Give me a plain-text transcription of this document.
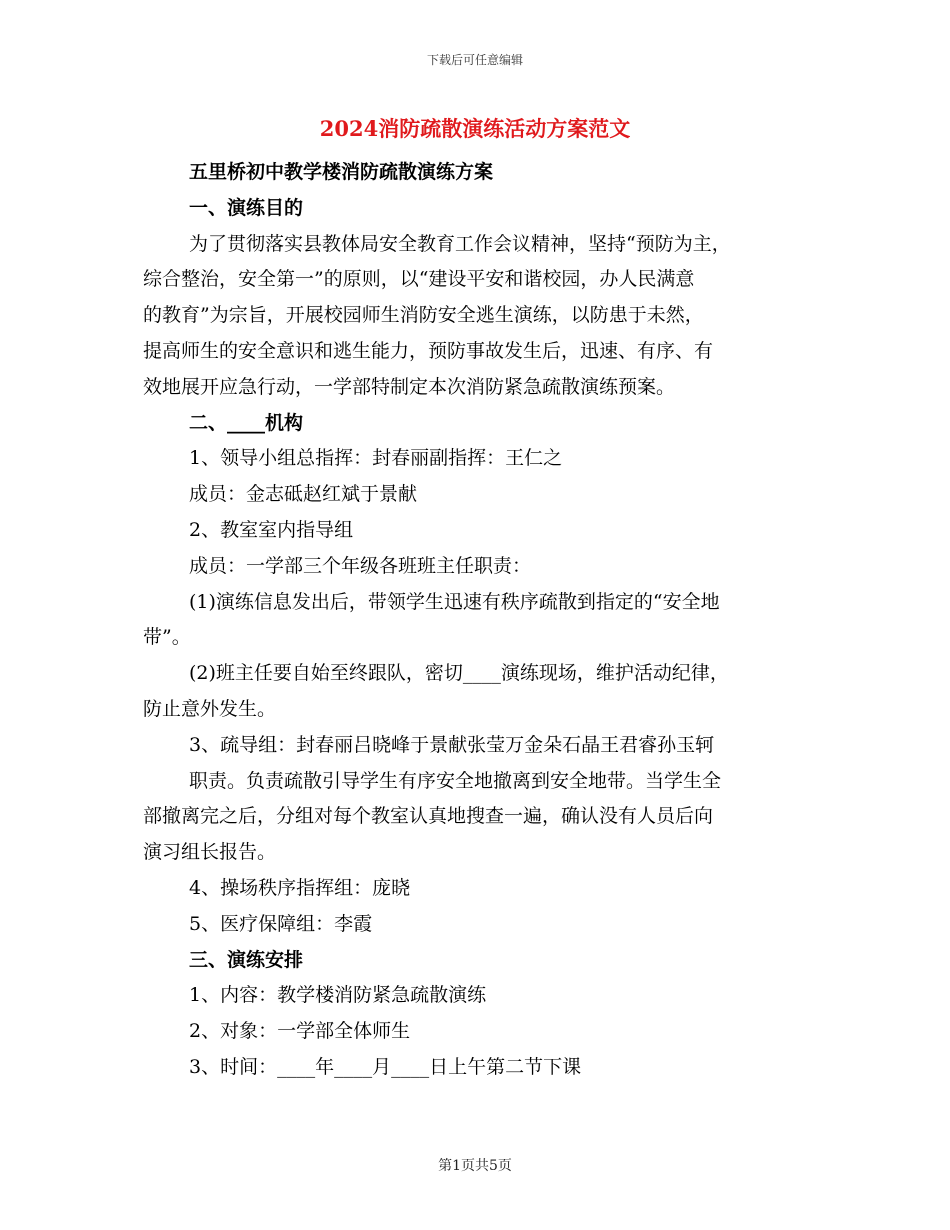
下载后可任意编辑
2024消防疏散演练活动方案范文
五里桥初中教学楼消防疏散演练方案
一、演练目的
为了贯彻落实县教体局安全教育工作会议精神，坚持“预防为主，
综合整治，安全第一”的原则，以“建设平安和谐校园，办人民满意
的教育”为宗旨，开展校园师生消防安全逃生演练，以防患于未然，
提高师生的安全意识和逃生能力，预防事故发生后，迅速、有序、有
效地展开应急行动，一学部特制定本次消防紧急疏散演练预案。
二、____机构
1、领导小组总指挥：封春丽副指挥：王仁之
成员：金志砥赵红斌于景献
2、教室室内指导组
成员：一学部三个年级各班班主任职责：
(1)演练信息发出后，带领学生迅速有秩序疏散到指定的“安全地
带”。
(2)班主任要自始至终跟队，密切____演练现场，维护活动纪律，
防止意外发生。
3、疏导组：封春丽吕晓峰于景献张莹万金朵石晶王君睿孙玉轲
职责。负责疏散引导学生有序安全地撤离到安全地带。当学生全
部撤离完之后，分组对每个教室认真地搜查一遍，确认没有人员后向
演习组长报告。
4、操场秩序指挥组：庞晓
5、医疗保障组：李霞
三、演练安排
1、内容：教学楼消防紧急疏散演练
2、对象：一学部全体师生
3、时间：____年____月____日上午第二节下课
第1页共5页
